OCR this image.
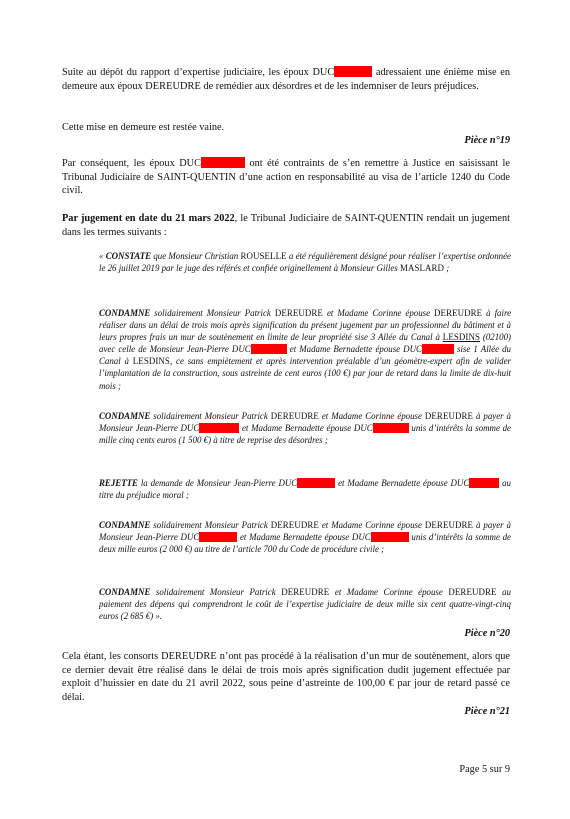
Suite au dépôt du rapport d’expertise judiciaire, les époux DUC	adressaient une énième mise en demeure aux époux DEREUDRE de remédier aux désordres et de les indemniser de leurs préjudices.
Cette mise en demeure est restée vaine.
Pièce n°19
Par conséquent, les époux DUC	ont été contraints de s’en remettre à Justice en saisissant le Tribunal Judiciaire de SAINT-QUENTIN d’une action en responsabilité au visa de l’article 1240 du Code civil.
Par jugement en date du 21 mars 2022, le Tribunal Judiciaire de SAINT-QUENTIN rendait un jugement dans les termes suivants :
« CONSTATE que Monsieur Christian ROUSELLE a été régulièrement désigné pour réaliser l’expertise ordonnée le 26 juillet 2019 par le juge des référés et confiée originellement à Monsieur Gilles MASLARD ;
CONDAMNE solidairement Monsieur Patrick DEREUDRE et Madame Corinne épouse DEREUDRE à faire réaliser dans un délai de trois mois après signification du présent jugement par un professionnel du bâtiment et à leurs propres frais un mur de soutènement en limite de leur propriété sise 3 Allée du Canal à LESDINS (02100) avec celle de Monsieur Jean-Pierre DUC	et Madame Bernadette épouse DUC	sise 1 Allée du Canal à LESDINS, ce sans empiètement et après intervention préalable d’un géomètre-expert afin de valider l’implantation de la construction, sous astreinte de cent euros (100 €) par jour de retard dans la limite de dix-huit mois ;
CONDAMNE solidairement Monsieur Patrick DEREUDRE et Madame Corinne épouse DEREUDRE à payer à Monsieur Jean-Pierre DUC	et Madame Bernadette épouse DUC	unis d’intérêts la somme de mille cinq cents euros (1 500 €) à titre de reprise des désordres ;
REJETTE la demande de Monsieur Jean-Pierre DUC	et Madame Bernadette épouse DUC	au titre du préjudice moral ;
CONDAMNE solidairement Monsieur Patrick DEREUDRE et Madame Corinne épouse DEREUDRE à payer à Monsieur Jean-Pierre DUC	et Madame Bernadette épouse DUC	unis d’intérêts la somme de deux mille euros (2 000 €) au titre de l’article 700 du Code de procédure civile ;
CONDAMNE solidairement Monsieur Patrick DEREUDRE et Madame Corinne épouse DEREUDRE au paiement des dépens qui comprendront le coût de l’expertise judiciaire de deux mille six cent quatre-vingt-cinq euros (2 685 €) ».
Pièce n°20
Cela étant, les consorts DEREUDRE n’ont pas procédé à la réalisation d’un mur de soutènement, alors que ce dernier devait être réalisé dans le délai de trois mois après signification dudit jugement effectuée par exploit d’huissier en date du 21 avril 2022, sous peine d’astreinte de 100,00 € par jour de retard passé ce délai.
Pièce n°21
Page 5 sur 9
